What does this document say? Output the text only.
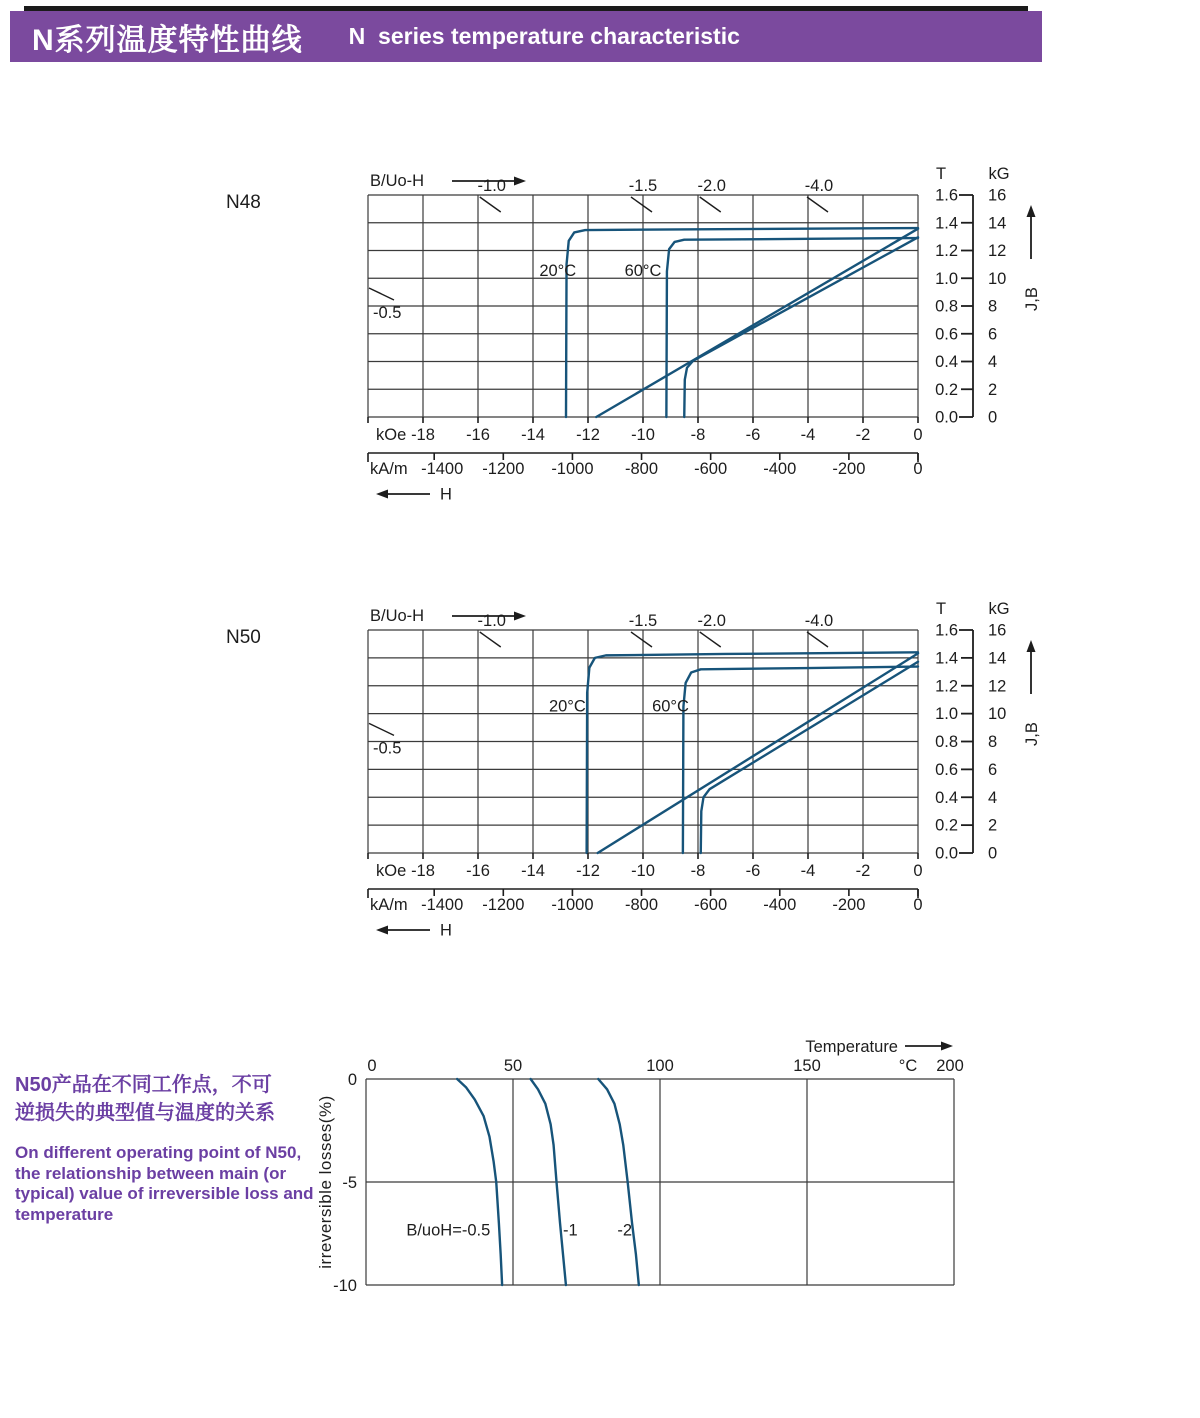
N系列温度特性曲线 N  series temperature characteristic
N48
N50
N50产品在不同工作点，不可
逆损失的典型值与温度的关系
On different operating point of N50,
the relationship between main (or
typical) value of irreversible loss and
temperature
B/Uo-H
-0.5
-1.0	-1.5 -2.0	-4.0
20°C	60°C
kOe -18 -16 -14 -12 -10 -8 -6 -4 -2	0
-1400 -1200 -1000 -800 -600 -400 -200	0
kA/m
H
1.6 16
1.4 14
1.2 12
1.0 10
0.8 8
0.6 6
0.4 4
0.2 2
0.0 0
T	kG
J,B
B/Uo-H
-0.5
-1.0	-1.5 -2.0	-4.0
20°C	60°C
kOe -18 -16 -14 -12 -10 -8 -6 -4 -2	0
-1400 -1200 -1000 -800 -600 -400 -200	0
kA/m
H
1.6 16
1.4 14
1.2 12
1.0 10
0.8 8
0.6 6
0.4 4
0.2 2
0.0 0
T	kG
J,B
0	50	100	150	200
°C
Temperature
0
-5
-10
irreversible losses(%)	B/uoH=-0.5	-1 -2
